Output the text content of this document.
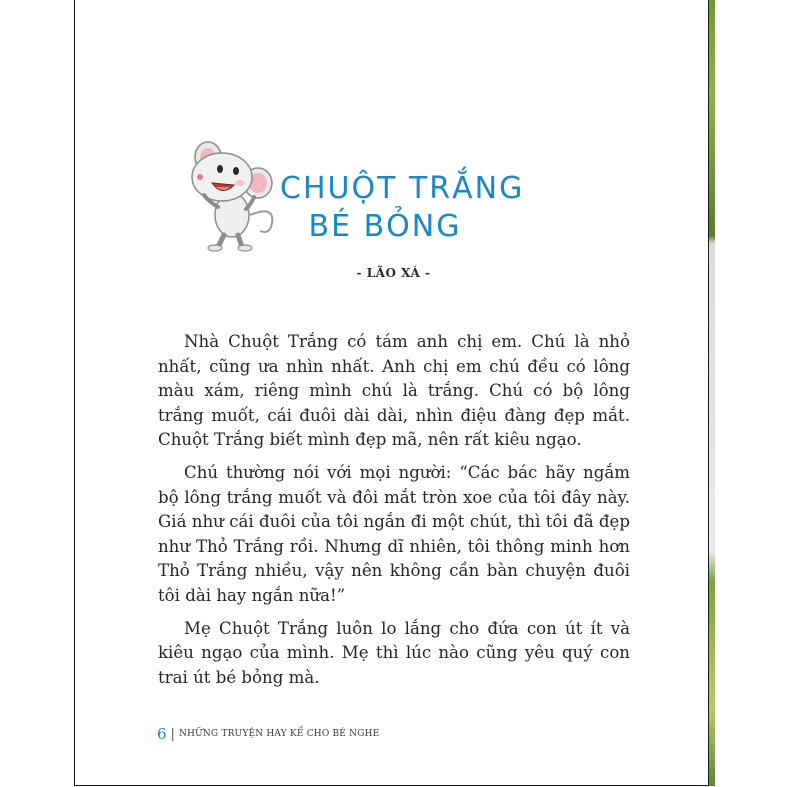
CHUỘT TRẮNG
BÉ BỎNG
- LÃO XÁ -

Nhà Chuột Trắng có tám anh chị em. Chú là nhỏ nhất, cũng ưa nhìn nhất. Anh chị em chú đều có lông màu xám, riêng mình chú là trắng. Chú có bộ lông trắng muốt, cái đuôi dài dài, nhìn điệu đàng đẹp mắt. Chuột Trắng biết mình đẹp mã, nên rất kiêu ngạo.

Chú thường nói với mọi người: “Các bác hãy ngắm bộ lông trắng muốt và đôi mắt tròn xoe của tôi đây này. Giá như cái đuôi của tôi ngắn đi một chút, thì tôi đã đẹp như Thỏ Trắng rồi. Nhưng dĩ nhiên, tôi thông minh hơn Thỏ Trắng nhiều, vậy nên không cần bàn chuyện đuôi tôi dài hay ngắn nữa!”

Mẹ Chuột Trắng luôn lo lắng cho đứa con út ít và kiêu ngạo của mình. Mẹ thì lúc nào cũng yêu quý con trai út bé bỏng mà.

6 | NHỮNG TRUYỆN HAY KỂ CHO BÉ NGHE
